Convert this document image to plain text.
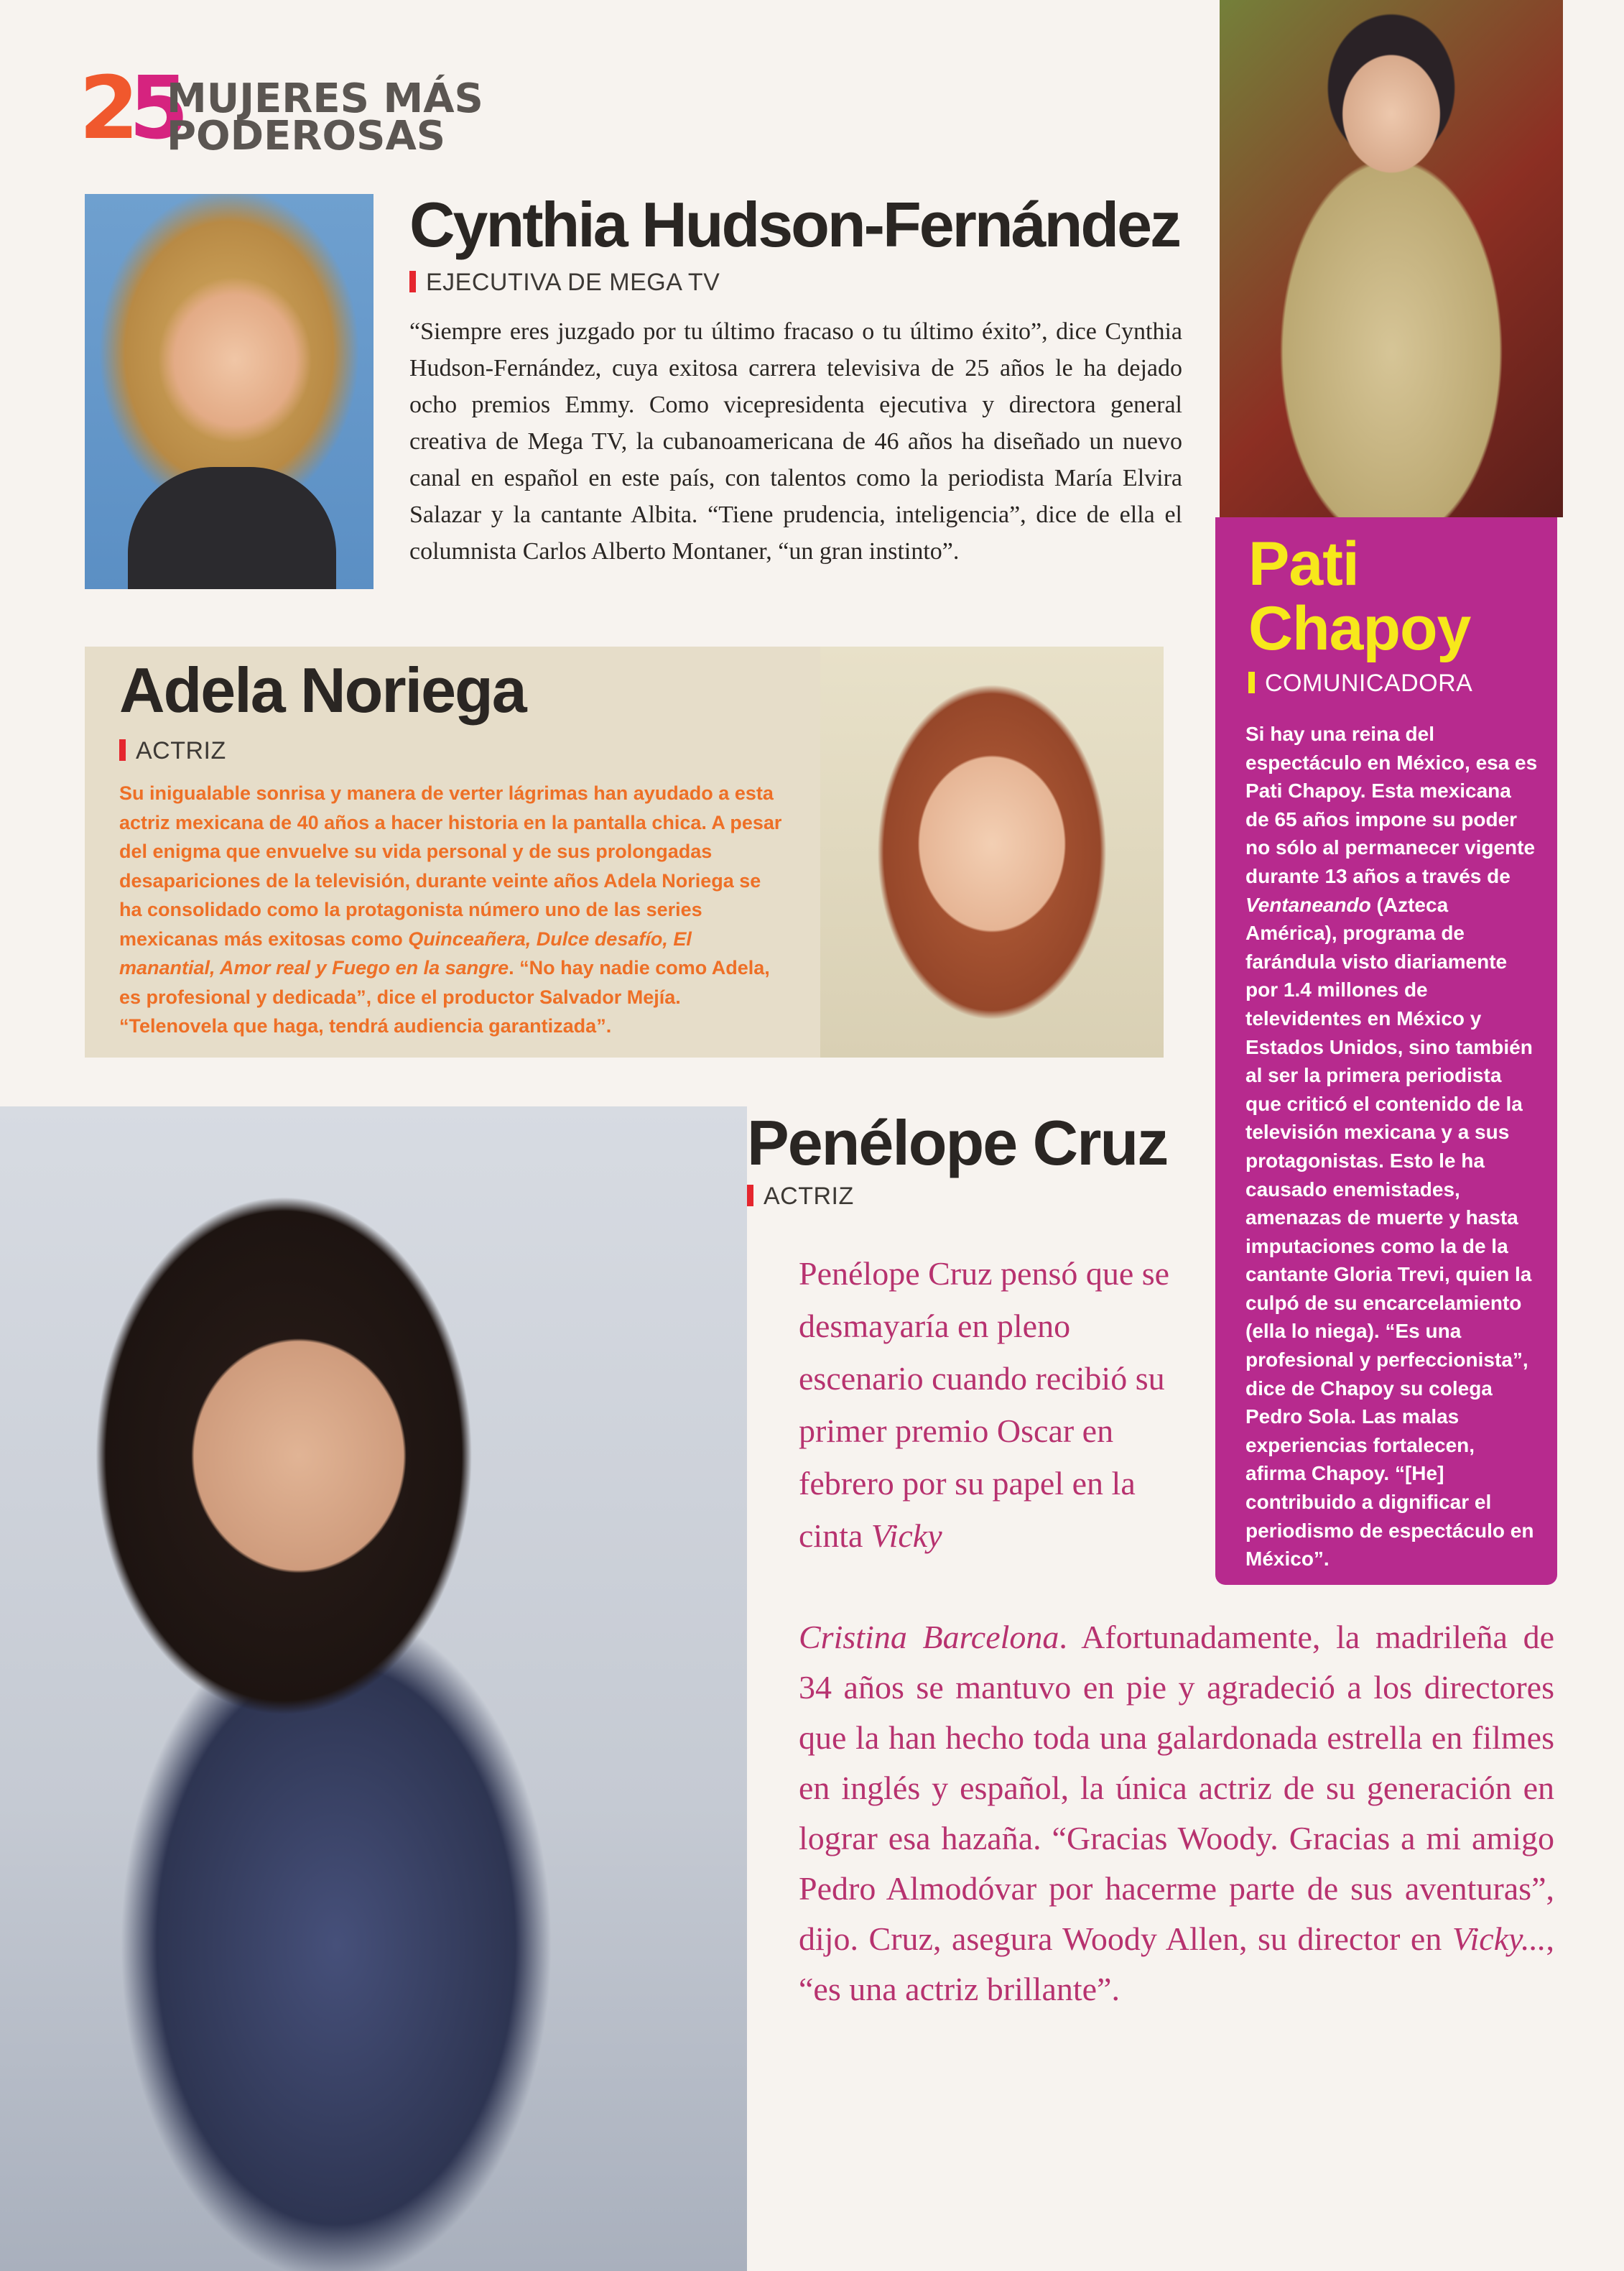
25
MUJERES MÁS
PODEROSAS
Cynthia Hudson-Fernández
EJECUTIVA DE MEGA TV

“Siempre eres juzgado por tu último fracaso o tu último éxito”, dice Cynthia Hudson-Fernández, cuya exitosa carrera televisiva de 25 años le ha dejado ocho premios Emmy. Como vicepresidenta ejecutiva y directora general creativa de Mega TV, la cubanoamericana de 46 años ha diseñado un nuevo canal en español en este país, con talentos como la periodista María Elvira Salazar y la cantante Albita. “Tiene prudencia, inteligencia”, dice de ella el columnista Carlos Alberto Montaner, “un gran instinto”.

Adela Noriega
ACTRIZ

Su inigualable sonrisa y manera de verter lágrimas han ayudado a esta actriz mexicana de 40 años a hacer historia en la pantalla chica. A pesar del enigma que envuelve su vida personal y de sus prolongadas desapariciones de la televisión, durante veinte años Adela Noriega se ha consolidado como la protagonista número uno de las series mexicanas más exitosas como Quinceañera, Dulce desafío, El manantial, Amor real y Fuego en la sangre. “No hay nadie como Adela, es profesional y dedicada”, dice el productor Salvador Mejía. “Telenovela que haga, tendrá audiencia garantizada”.

Pati
Chapoy
COMUNICADORA

Si hay una reina del espectáculo en México, esa es Pati Chapoy. Esta mexicana de 65 años impone su poder no sólo al permanecer vigente durante 13 años a través de Ventaneando (Azteca América), programa de farándula visto diariamente por 1.4 millones de televidentes en México y Estados Unidos, sino también al ser la primera periodista que criticó el contenido de la televisión mexicana y a sus protagonistas. Esto le ha causado enemistades, amenazas de muerte y hasta imputaciones como la de la cantante Gloria Trevi, quien la culpó de su encarcelamiento (ella lo niega). “Es una profesional y perfeccionista”, dice de Chapoy su colega Pedro Sola. Las malas experiencias fortalecen, afirma Chapoy. “[He] contribuido a dignificar el periodismo de espectáculo en México”.

Penélope Cruz
ACTRIZ

Penélope Cruz pensó que se desmayaría en pleno escenario cuando recibió su primer premio Oscar en febrero por su papel en la cinta Vicky

Cristina Barcelona. Afortunadamente, la madrileña de 34 años se mantuvo en pie y agradeció a los directores que la han hecho toda una galardonada estrella en filmes en inglés y español, la única actriz de su generación en lograr esa hazaña. “Gracias Woody. Gracias a mi amigo Pedro Almodóvar por hacerme parte de sus aventuras”, dijo. Cruz, asegura Woody Allen, su director en Vicky..., “es una actriz brillante”.
